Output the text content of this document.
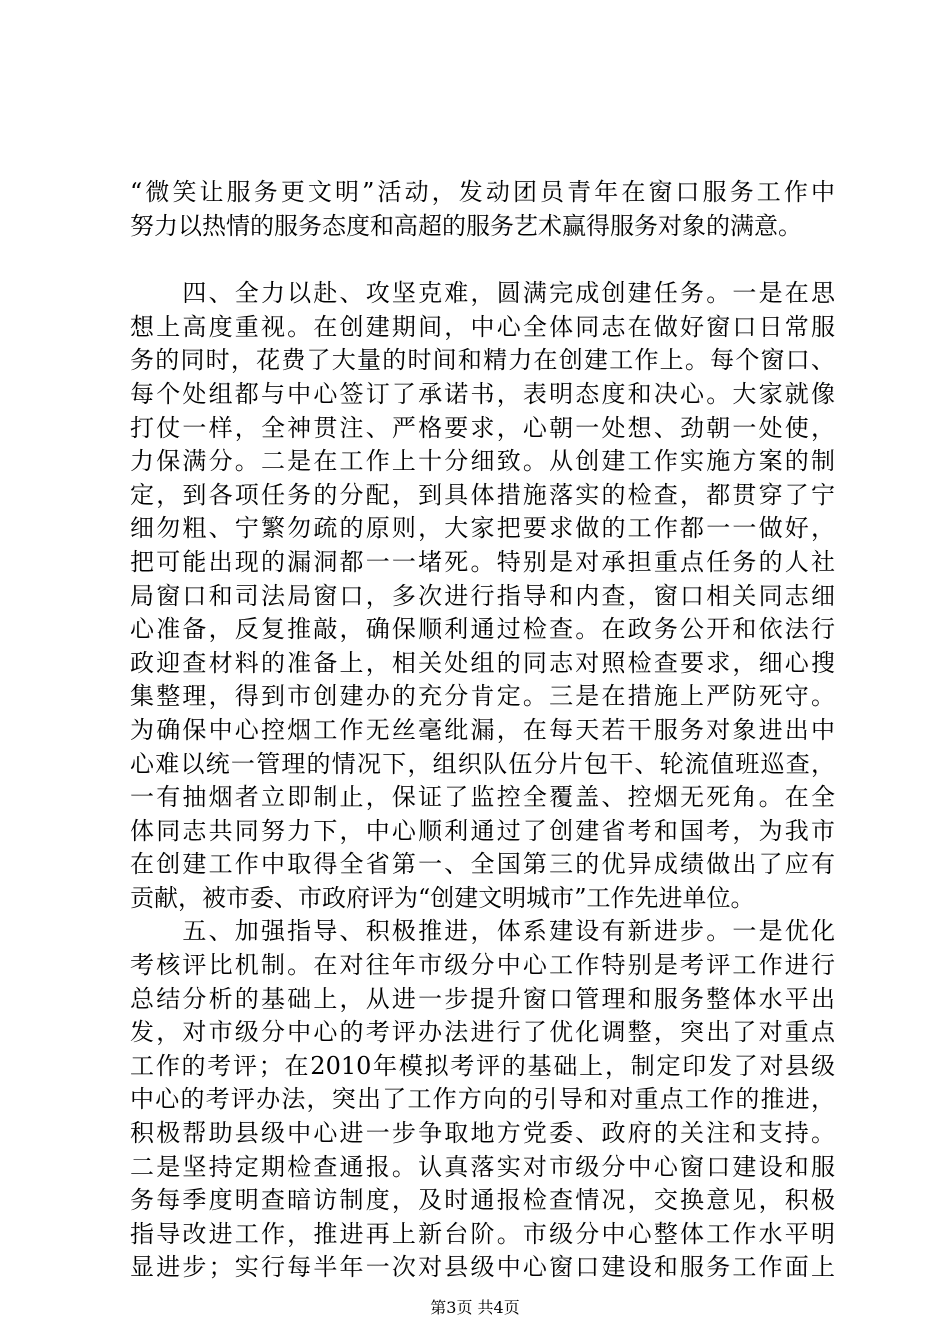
“微笑让服务更文明”活动，发动团员青年在窗口服务工作中
努力以热情的服务态度和高超的服务艺术赢得服务对象的满意。
　　四、全力以赴、攻坚克难，圆满完成创建任务。一是在思
想上高度重视。在创建期间，中心全体同志在做好窗口日常服
务的同时，花费了大量的时间和精力在创建工作上。每个窗口、
每个处组都与中心签订了承诺书，表明态度和决心。大家就像
打仗一样，全神贯注、严格要求，心朝一处想、劲朝一处使，
力保满分。二是在工作上十分细致。从创建工作实施方案的制
定，到各项任务的分配，到具体措施落实的检查，都贯穿了宁
细勿粗、宁繁勿疏的原则，大家把要求做的工作都一一做好，
把可能出现的漏洞都一一堵死。特别是对承担重点任务的人社
局窗口和司法局窗口，多次进行指导和内查，窗口相关同志细
心准备，反复推敲，确保顺利通过检查。在政务公开和依法行
政迎查材料的准备上，相关处组的同志对照检查要求，细心搜
集整理，得到市创建办的充分肯定。三是在措施上严防死守。
为确保中心控烟工作无丝毫纰漏，在每天若干服务对象进出中
心难以统一管理的情况下，组织队伍分片包干、轮流值班巡查，
一有抽烟者立即制止，保证了监控全覆盖、控烟无死角。在全
体同志共同努力下，中心顺利通过了创建省考和国考，为我市
在创建工作中取得全省第一、全国第三的优异成绩做出了应有
贡献，被市委、市政府评为“创建文明城市”工作先进单位。
　　五、加强指导、积极推进，体系建设有新进步。一是优化
考核评比机制。在对往年市级分中心工作特别是考评工作进行
总结分析的基础上，从进一步提升窗口管理和服务整体水平出
发，对市级分中心的考评办法进行了优化调整，突出了对重点
工作的考评；在2010年模拟考评的基础上，制定印发了对县级
中心的考评办法，突出了工作方向的引导和对重点工作的推进，
积极帮助县级中心进一步争取地方党委、政府的关注和支持。
二是坚持定期检查通报。认真落实对市级分中心窗口建设和服
务每季度明查暗访制度，及时通报检查情况，交换意见，积极
指导改进工作，推进再上新台阶。市级分中心整体工作水平明
显进步；实行每半年一次对县级中心窗口建设和服务工作面上
第3页 共4页
